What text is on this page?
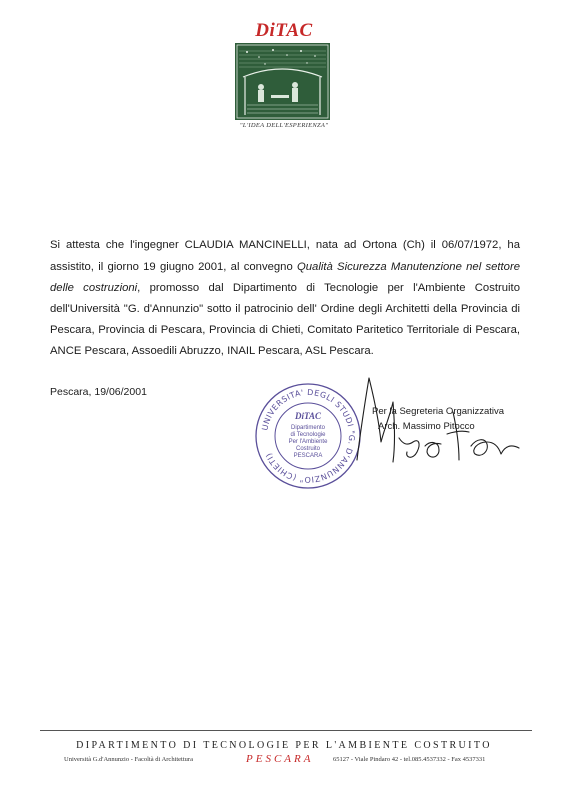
DiTAC
"L'IDEA DELL'ESPERIENZA"

Si attesta che l'ingegner CLAUDIA MANCINELLI, nata ad Ortona (Ch) il 06/07/1972, ha assistito, il giorno 19 giugno 2001, al convegno Qualità Sicurezza Manutenzione nel settore delle costruzioni, promosso dal Dipartimento di Tecnologie per l'Ambiente Costruito dell'Università "G. d'Annunzio" sotto il patrocinio dell' Ordine degli Architetti della Provincia di Pescara, Provincia di Pescara, Provincia di Chieti, Comitato Paritetico Territoriale di Pescara, ANCE Pescara, Assoedili Abruzzo, INAIL Pescara, ASL Pescara.

Pescara, 19/06/2001
UNIVERSITA' DEGLI STUDI "G. D'ANNUNZIO" (CHIETI)
DiTAC
Dipartimento
di Tecnologie
Per l'Ambiente
Costruito
PESCARA
Per la Segreteria Organizzativa
Arch. Massimo Pitocco
DIPARTIMENTO DI TECNOLOGIE PER L'AMBIENTE COSTRUITO
Università G.d'Annunzio - Facoltà di Architettura	PESCARA	65127 - Viale Pindaro 42 - tel.085.4537332 - Fax 4537331
